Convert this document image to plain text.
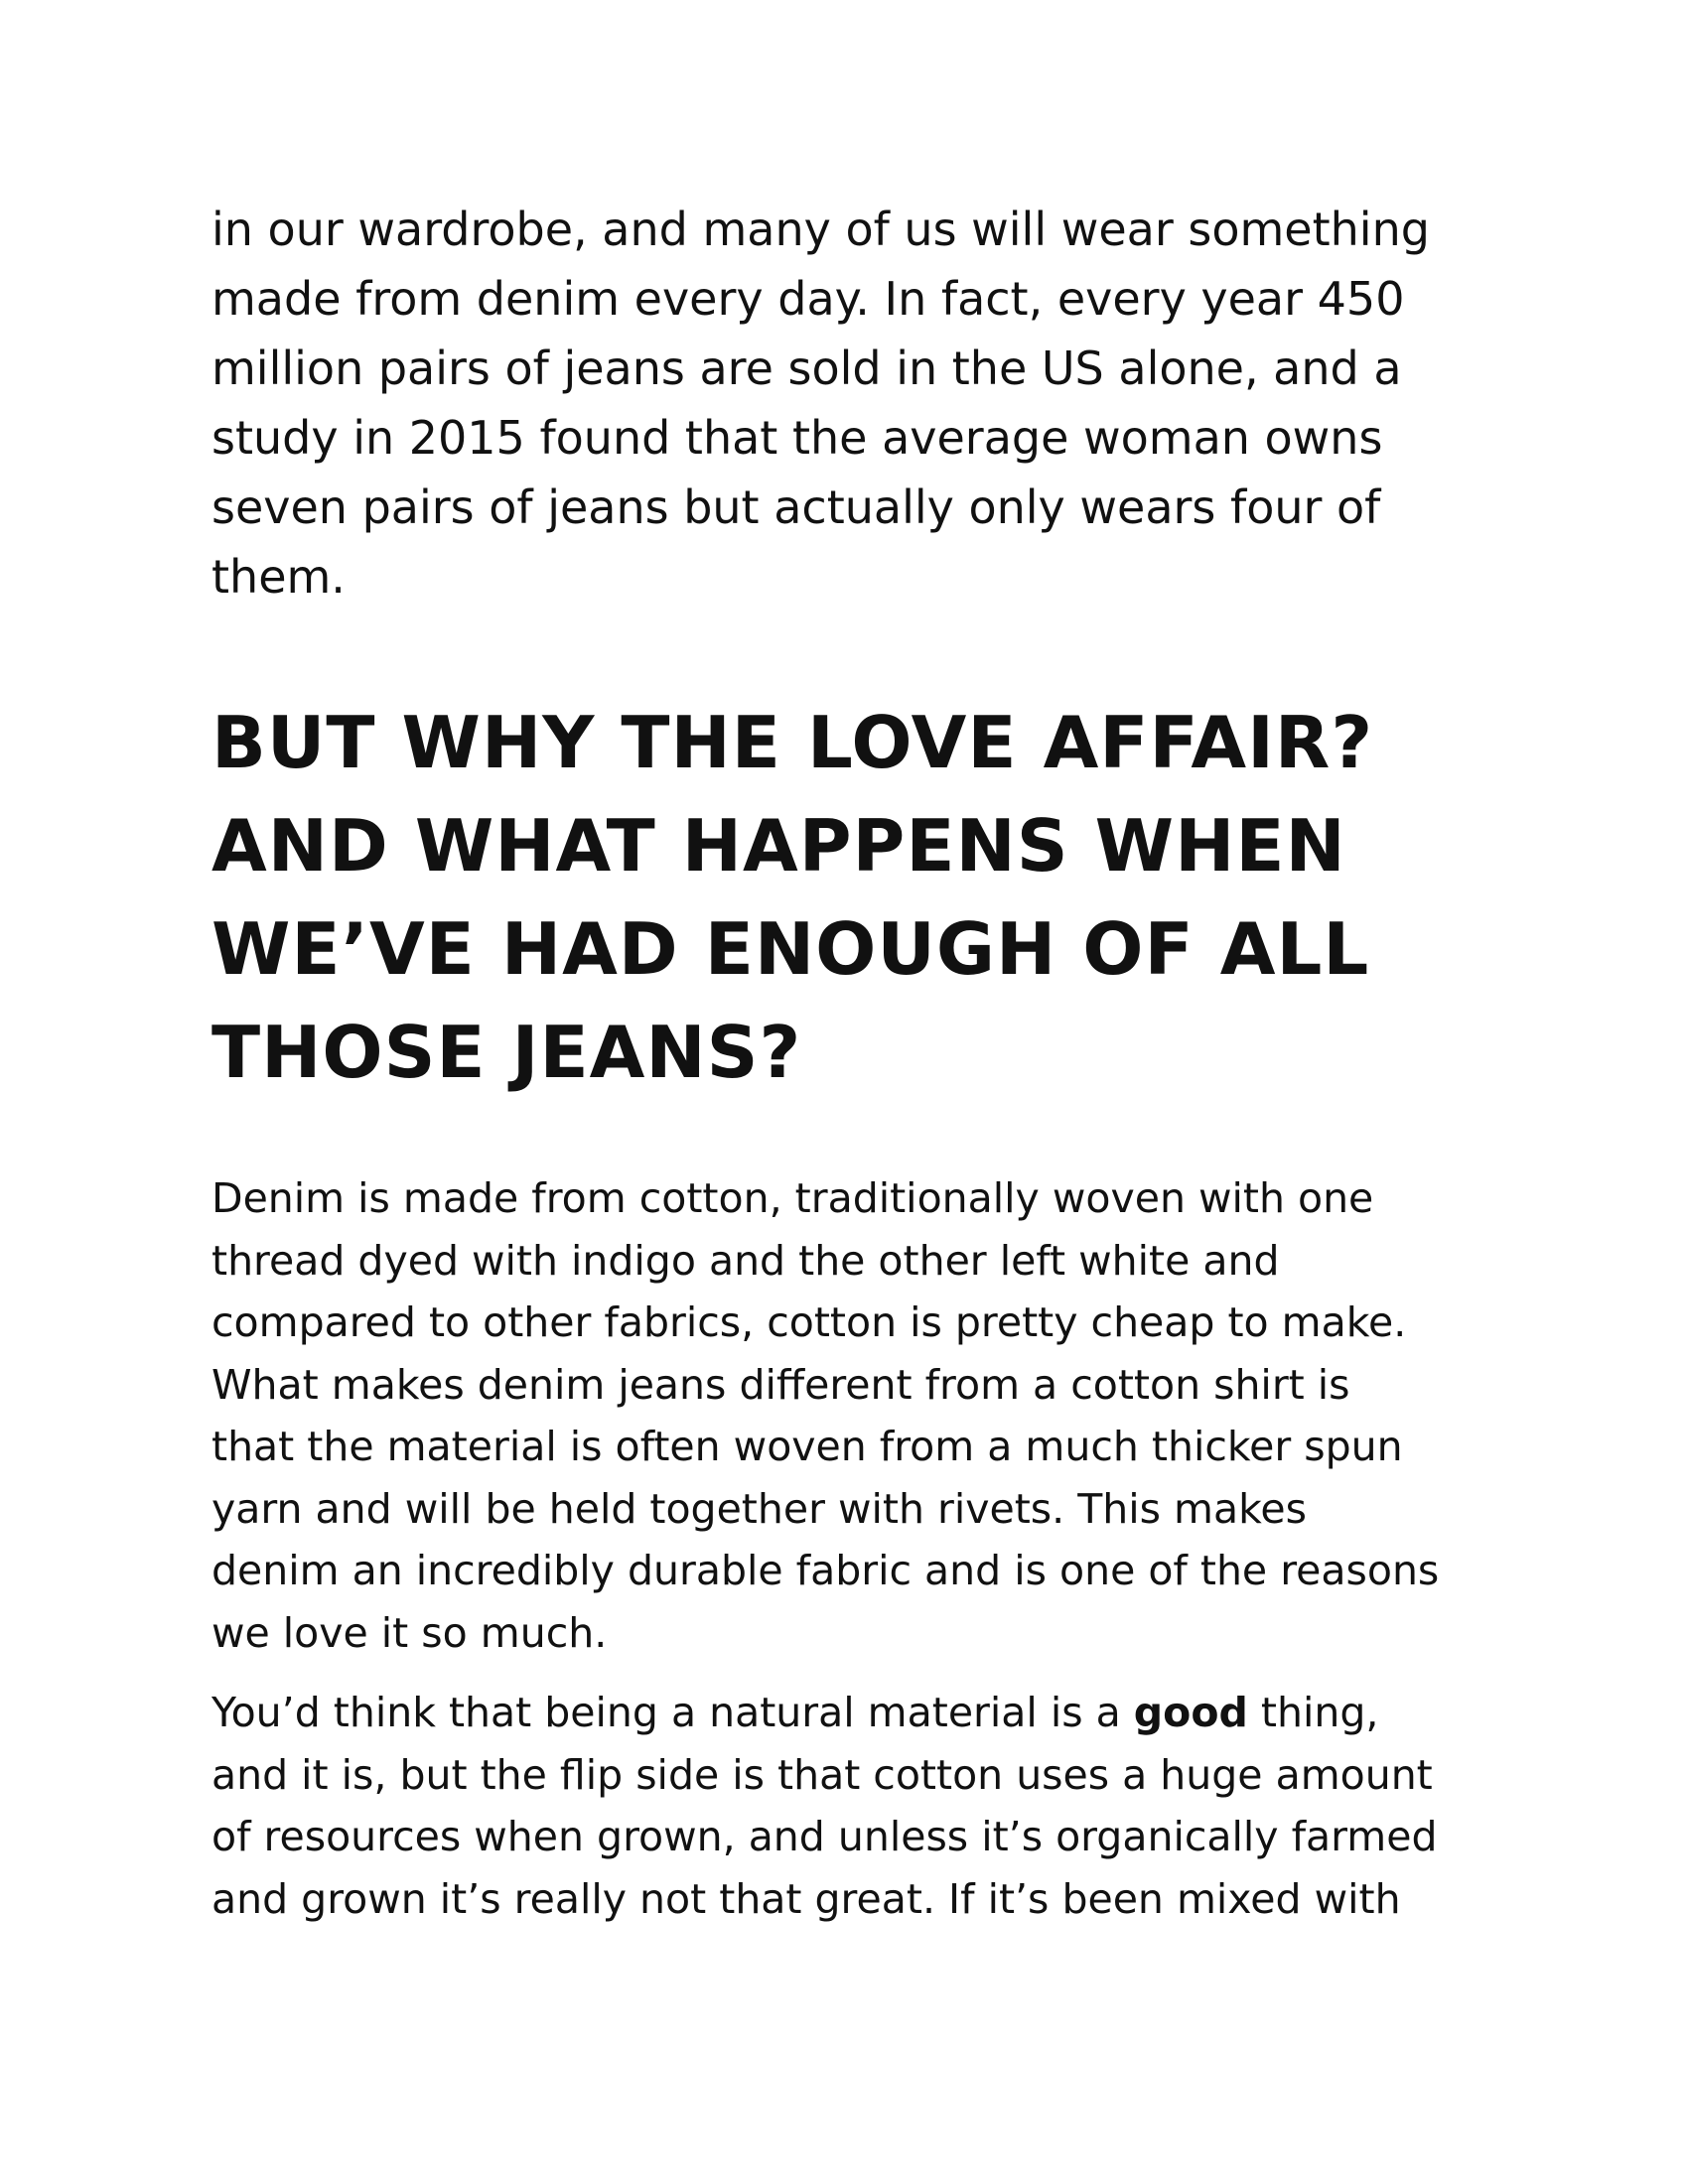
in our wardrobe, and many of us will wear something
made from denim every day. In fact, every year 450
million pairs of jeans are sold in the US alone, and a
study in 2015 found that the average woman owns
seven pairs of jeans but actually only wears four of
them.

BUT WHY THE LOVE AFFAIR?
AND WHAT HAPPENS WHEN
WE’VE HAD ENOUGH OF ALL
THOSE JEANS?

Denim is made from cotton, traditionally woven with one
thread dyed with indigo and the other left white and
compared to other fabrics, cotton is pretty cheap to make.
What makes denim jeans different from a cotton shirt is
that the material is often woven from a much thicker spun
yarn and will be held together with rivets. This makes
denim an incredibly durable fabric and is one of the reasons
we love it so much.

You’d think that being a natural material is a good thing,
and it is, but the flip side is that cotton uses a huge amount
of resources when grown, and unless it’s organically farmed
and grown it’s really not that great. If it’s been mixed with
